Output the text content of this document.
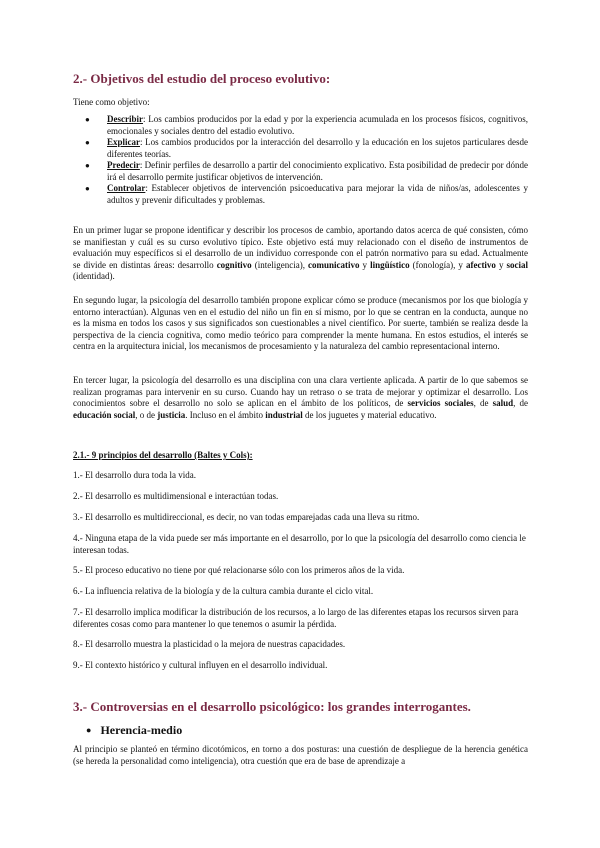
2.- Objetivos del estudio del proceso evolutivo:
Tiene como objetivo:
● Describir: Los cambios producidos por la edad y por la experiencia acumulada en los procesos físicos, cognitivos, emocionales y sociales dentro del estadio evolutivo.
● Explicar: Los cambios producidos por la interacción del desarrollo y la educación en los sujetos particulares desde diferentes teorías.
● Predecir: Definir perfiles de desarrollo a partir del conocimiento explicativo. Esta posibilidad de predecir por dónde irá el desarrollo permite justificar objetivos de intervención.
● Controlar: Establecer objetivos de intervención psicoeducativa para mejorar la vida de niños/as, adolescentes y adultos y prevenir dificultades y problemas.

En un primer lugar se propone identificar y describir los procesos de cambio, aportando datos acerca de qué consisten, cómo se manifiestan y cuál es su curso evolutivo típico. Este objetivo está muy relacionado con el diseño de instrumentos de evaluación muy específicos si el desarrollo de un individuo corresponde con el patrón normativo para su edad. Actualmente se divide en distintas áreas: desarrollo cognitivo (inteligencia), comunicativo y lingüístico (fonología), y afectivo y social (identidad).

En segundo lugar, la psicología del desarrollo también propone explicar cómo se produce (mecanismos por los que biología y entorno interactúan). Algunas ven en el estudio del niño un fin en sí mismo, por lo que se centran en la conducta, aunque no es la misma en todos los casos y sus significados son cuestionables a nivel científico. Por suerte, también se realiza desde la perspectiva de la ciencia cognitiva, como medio teórico para comprender la mente humana. En estos estudios, el interés se centra en la arquitectura inicial, los mecanismos de procesamiento y la naturaleza del cambio representacional interno.

En tercer lugar, la psicología del desarrollo es una disciplina con una clara vertiente aplicada. A partir de lo que sabemos se realizan programas para intervenir en su curso. Cuando hay un retraso o se trata de mejorar y optimizar el desarrollo. Los conocimientos sobre el desarrollo no solo se aplican en el ámbito de los políticos, de servicios sociales, de salud, de educación social, o de justicia. Incluso en el ámbito industrial de los juguetes y material educativo.

2.1.- 9 principios del desarrollo (Baltes y Cols):

1.- El desarrollo dura toda la vida.

2.- El desarrollo es multidimensional e interactúan todas.

3.- El desarrollo es multidireccional, es decir, no van todas emparejadas cada una lleva su ritmo.

4.- Ninguna etapa de la vida puede ser más importante en el desarrollo, por lo que la psicología del desarrollo como ciencia le interesan todas.

5.- El proceso educativo no tiene por qué relacionarse sólo con los primeros años de la vida.

6.- La influencia relativa de la biología y de la cultura cambia durante el ciclo vital.

7.- El desarrollo implica modificar la distribución de los recursos, a lo largo de las diferentes etapas los recursos sirven para diferentes cosas como para mantener lo que tenemos o asumir la pérdida.

8.- El desarrollo muestra la plasticidad o la mejora de nuestras capacidades.

9.- El contexto histórico y cultural influyen en el desarrollo individual.

3.- Controversias en el desarrollo psicológico: los grandes interrogantes.
● Herencia-medio

Al principio se planteó en término dicotómicos, en torno a dos posturas: una cuestión de despliegue de la herencia genética (se hereda la personalidad como inteligencia), otra cuestión que era de base de aprendizaje a
